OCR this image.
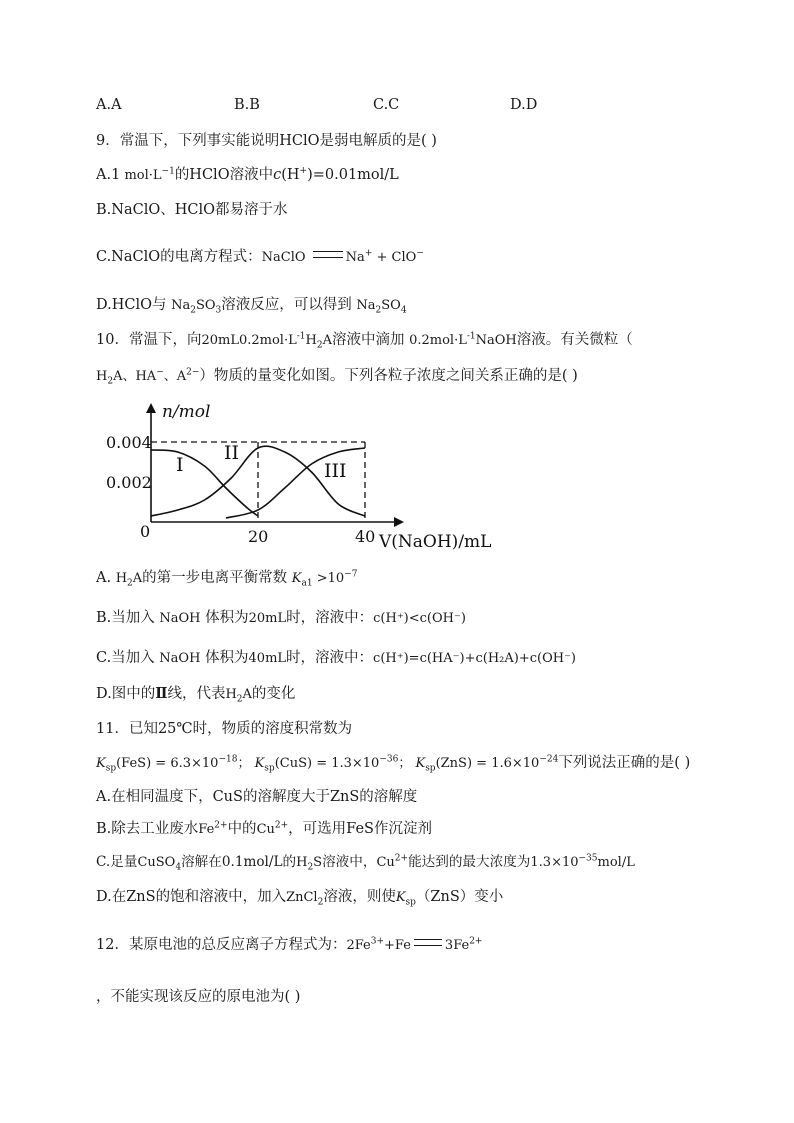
A.A	B.B	C.C	D.D
9．常温下，下列事实能说明HClO是弱电解质的是( )
A.1 $mol\cdot L^{-1}$的HClO溶液中c(H+)=0.01mol/L
B.NaClO、HClO都易溶于水
C.NaClO的电离方程式：NaClO	Na+ + ClO−
D.HClO与 $Na_2SO_3$溶液反应，可以得到 $Na_2SO_4$
10．常温下，向$20mL0.2mol\cdot L^{-1}H_2A$溶液中滴加 $0.2mol\cdot L^{-1}NaOH$溶液。有关微粒（
$H_2A$、HA−、$A^{2-}$）物质的量变化如图。下列各粒子浓度之间关系正确的是( )
I
II
III
0.004
0.002
0	20	40
n/mol
V(NaOH)/mL
A. $H_2A$的第一步电离平衡常数 $K_{a1} >10^{-7}$
B.当加入 NaOH 体积为20mL时，溶液中：c(H⁺)<c(OH⁻)
C.当加入 NaOH 体积为40mL时，溶液中：c(H⁺)=c(HA⁻)+c(H₂A)+c(OH⁻)
D.图中的Ⅱ线，代表$H_2A$的变化
11．已知25℃时，物质的溶度积常数为
$K_{sp}(FeS) = 6.3\times 10^{-18}$； $K_{sp}(CuS) = 1.3\times 10^{-36}$； $K_{sp}(ZnS) = 1.6\times 10^{-24}$下列说法正确的是( )
A.在相同温度下，CuS的溶解度大于ZnS的溶解度
B.除去工业废水$Fe^{2+}$中的$Cu^{2+}$，可选用FeS作沉淀剂
C.足量CuSO$_4$溶解在0.1mol/L的$H_2S$溶液中，$Cu^{2+}$能达到的最大浓度为$1.3\times 10^{-35}mol/L$
D.在ZnS的饱和溶液中，加入ZnCl$_2$溶液，则使$K_{sp}(ZnS)$变小
12．某原电池的总反应离子方程式为：$2Fe^{3+}+Fe$	$3Fe^{2+}$
，不能实现该反应的原电池为( )
